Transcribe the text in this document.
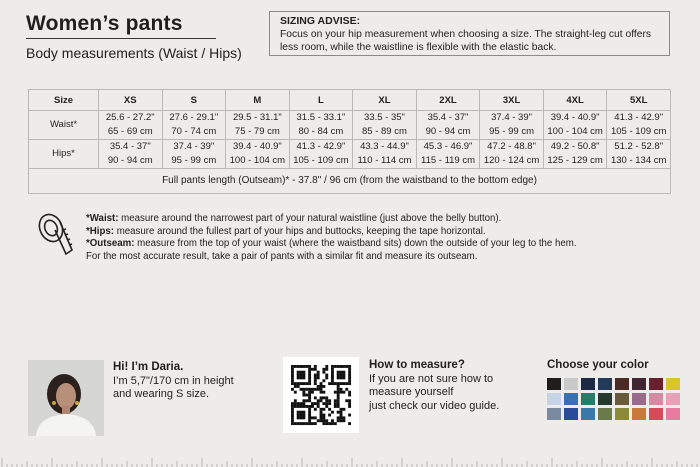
Women’s pants
Body measurements (Waist / Hips)
SIZING ADVISE:
Focus on your hip measurement when choosing a size. The straight-leg cut offers less room, while the waistline is flexible with the elastic back.
Size	XS	S	M	L	XL	2XL	3XL	4XL	5XL
Waist*	25.6 - 27.2"	27.6 - 29.1"	29.5 - 31.1"	31.5 - 33.1"	33.5 - 35"	35.4 - 37"	37.4 - 39"	39.4 - 40.9"	41.3 - 42.9"
	65 - 69 cm	70 - 74 cm	75 - 79 cm	80 - 84 cm	85 - 89 cm	90 - 94 cm	95 - 99 cm	100 - 104 cm	105 - 109 cm
Hips*	35.4 - 37"	37.4 - 39"	39.4 - 40.9"	41.3 - 42.9"	43.3 - 44.9"	45.3 - 46.9"	47.2 - 48.8"	49.2 - 50.8"	51.2 - 52.8"
	90 - 94 cm	95 - 99 cm	100 - 104 cm	105 - 109 cm	110 - 114 cm	115 - 119 cm	120 - 124 cm	125 - 129 cm	130 - 134 cm
Full pants length (Outseam)* - 37.8" / 96 cm (from the waistband to the bottom edge)									
*Waist: measure around the narrowest part of your natural waistline (just above the belly button).
*Hips: measure around the fullest part of your hips and buttocks, keeping the tape horizontal.
*Outseam: measure from the top of your waist (where the waistband sits) down the outside of your leg to the hem.
For the most accurate result, take a pair of pants with a similar fit and measure its outseam.
Hi! I’m Daria.
I’m 5,7"/170 cm in height
and wearing S size.
How to measure?
If you are not sure how to
measure yourself
just check our video guide.
Choose your color
